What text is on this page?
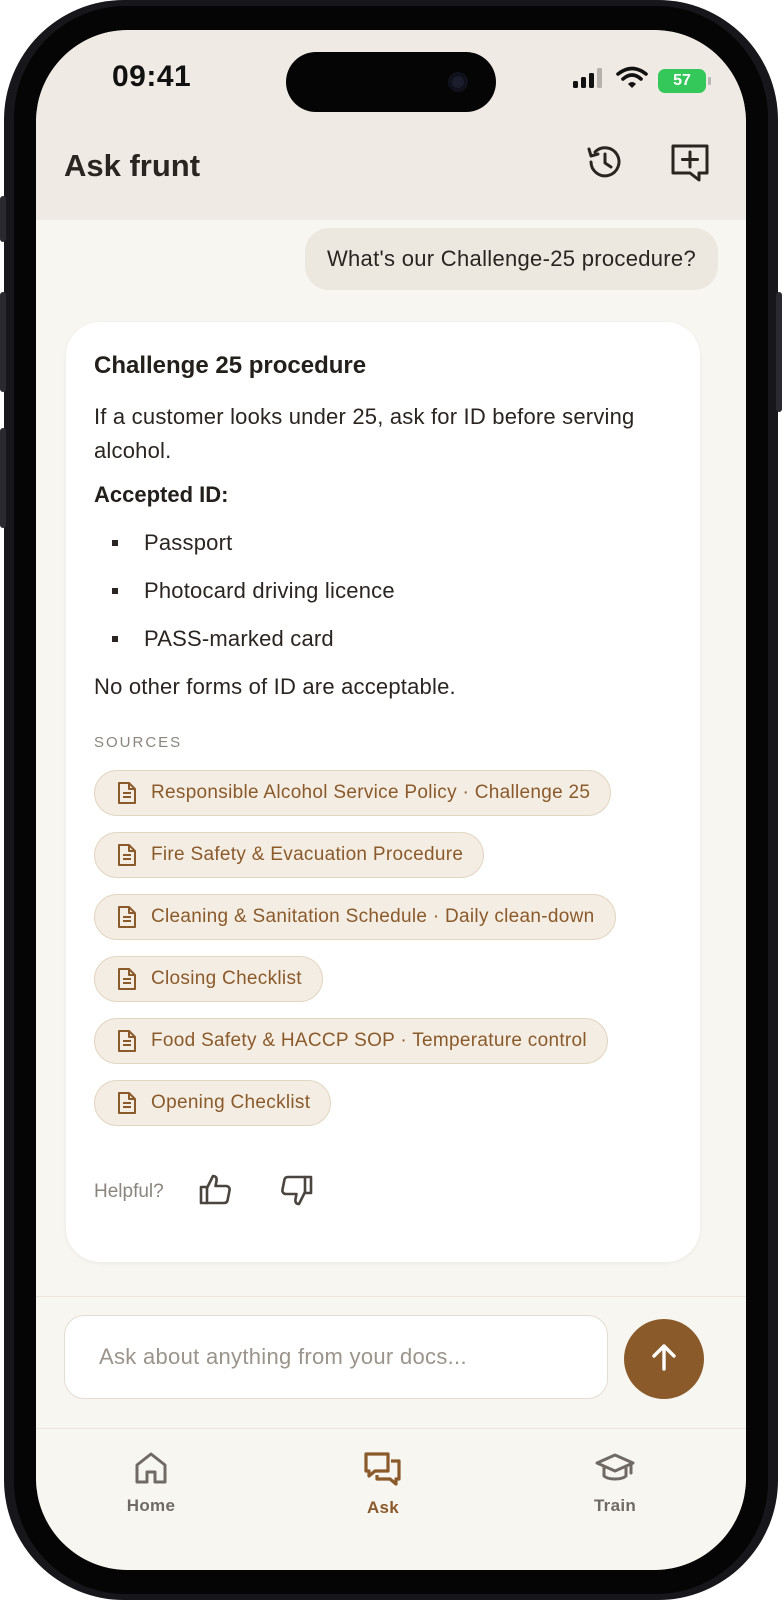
09:41	57
Ask frunt
What's our Challenge-25 procedure?
Challenge 25 procedure
If a customer looks under 25, ask for ID before serving alcohol.
Accepted ID:
Passport
Photocard driving licence
PASS-marked card
No other forms of ID are acceptable.
SOURCES
Responsible Alcohol Service Policy · Challenge 25
Fire Safety & Evacuation Procedure
Cleaning & Sanitation Schedule · Daily clean-down
Closing Checklist
Food Safety & HACCP SOP · Temperature control
Opening Checklist
Helpful?
Ask about anything from your docs...
Home	Ask	Train
